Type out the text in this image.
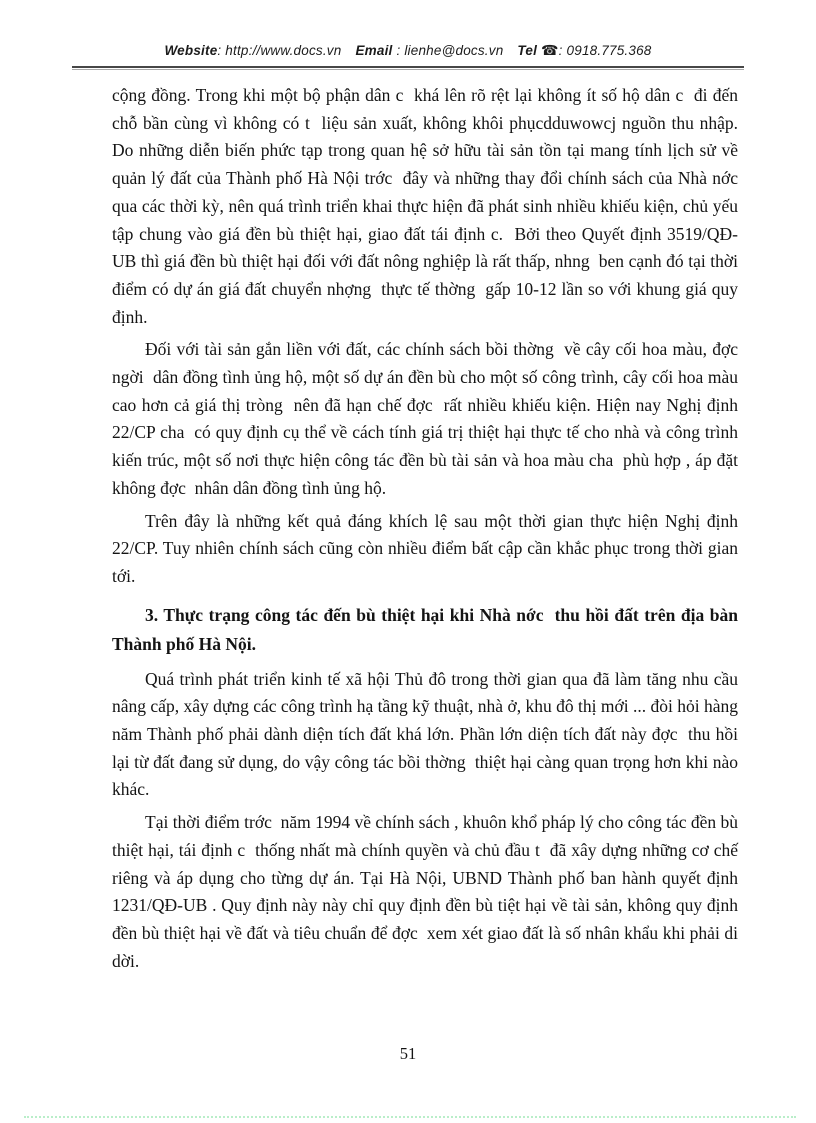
Website: http://www.docs.vn Email : lienhe@docs.vn Tel ☎: 0918.775.368

cộng đồng. Trong khi một bộ phận dân c  khá lên rõ rệt lại không ít số hộ dân c  đi đến chỗ bần cùng vì không có t  liệu sản xuất, không khôi phụcdduwowcj nguồn thu nhập. Do những diễn biến phức tạp trong quan hệ sở hữu tài sản tồn tại mang tính lịch sử về quản lý đất của Thành phố Hà Nội trớc  đây và những thay đổi chính sách của Nhà nớc  qua các thời kỳ, nên quá trình triển khai thực hiện đã phát sinh nhiều khiếu kiện, chủ yếu tập chung vào giá đền bù thiệt hại, giao đất tái định c.  Bởi theo Quyết định 3519/QĐ-UB thì giá đền bù thiệt hại đối với đất nông nghiệp là rất thấp, nhng  ben cạnh đó tại thời điểm có dự án giá đất chuyển nhợng  thực tế thờng  gấp 10-12 lần so với khung giá quy định.

Đối với tài sản gắn liền với đất, các chính sách bồi thờng  về cây cối hoa màu, đợc  ngời  dân đồng tình ủng hộ, một số dự án đền bù cho một số công trình, cây cối hoa màu cao hơn cả giá thị tròng  nên đã hạn chế đợc  rất nhiều khiếu kiện. Hiện nay Nghị định 22/CP cha  có quy định cụ thể về cách tính giá trị thiệt hại thực tế cho nhà và công trình kiến trúc, một số nơi thực hiện công tác đền bù tài sản và hoa màu cha  phù hợp , áp đặt không đợc  nhân dân đồng tình ủng hộ.

Trên đây là những kết quả đáng khích lệ sau một thời gian thực hiện Nghị định 22/CP. Tuy nhiên chính sách cũng còn nhiều điểm bất cập cần khắc phục trong thời gian tới.

3. Thực trạng công tác đến bù thiệt hại khi Nhà nớc  thu hồi đất trên địa bàn Thành phố Hà Nội.

Quá trình phát triển kinh tế xã hội Thủ đô trong thời gian qua đã làm tăng nhu cầu nâng cấp, xây dựng các công trình hạ tầng kỹ thuật, nhà ở, khu đô thị mới ... đòi hỏi hàng năm Thành phố phải dành diện tích đất khá lớn. Phần lớn diện tích đất này đợc  thu hồi lại từ đất đang sử dụng, do vậy công tác bồi thờng  thiệt hại càng quan trọng hơn khi nào khác.

Tại thời điểm trớc  năm 1994 về chính sách , khuôn khổ pháp lý cho công tác đền bù thiệt hại, tái định c  thống nhất mà chính quyền và chủ đầu t  đã xây dựng những cơ chế riêng và áp dụng cho từng dự án. Tại Hà Nội, UBND Thành phố ban hành quyết định 1231/QĐ-UB . Quy định này này chỉ quy định đền bù tiệt hại về tài sản, không quy định đền bù thiệt hại về đất và tiêu chuẩn để đợc  xem xét giao đất là số nhân khẩu khi phải di dời.

51
